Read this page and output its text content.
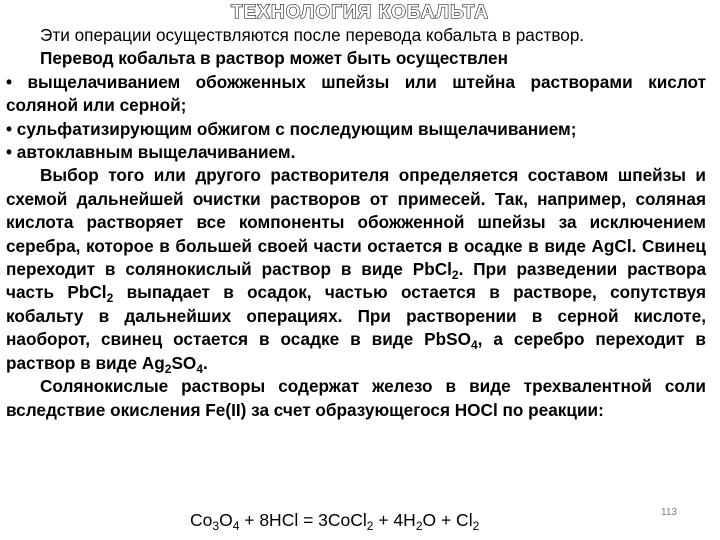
ТЕХНОЛОГИЯ КОБАЛЬТА

Эти операции осуществляются после перевода кобальта в раствор.

Перевод кобальта в раствор может быть осуществлен

• выщелачиванием обожженных шпейзы или штейна растворами кислот соляной или серной;

• сульфатизирующим обжигом с последующим выщелачиванием;

• автоклавным выщелачиванием.

Выбор того или другого растворителя определяется составом шпейзы и схемой дальнейшей очистки растворов от примесей. Так, например, соляная кислота растворяет все компоненты обожженной шпейзы за исключением серебра, которое в большей своей части остается в осадке в виде AgCl. Свинец переходит в солянокислый раствор в виде PbCl$_2$. При разведении раствора часть PbCl$_2$ выпадает в осадок, частью остается в растворе, сопутствуя кобальту в дальнейших операциях. При растворении в серной кислоте, наоборот, свинец остается в осадке в виде PbSO$_4$, а серебро переходит в раствор в виде $Ag_2SO_4$.

Солянокислые растворы содержат железо в виде трехвалентной соли вследствие окисления Fe(II) за счет образующегося HOCl по реакции:

$Co_3O_4 + 8HCl$ = 3CoCl$_2$ + $4H_2O + Cl_2$
113
